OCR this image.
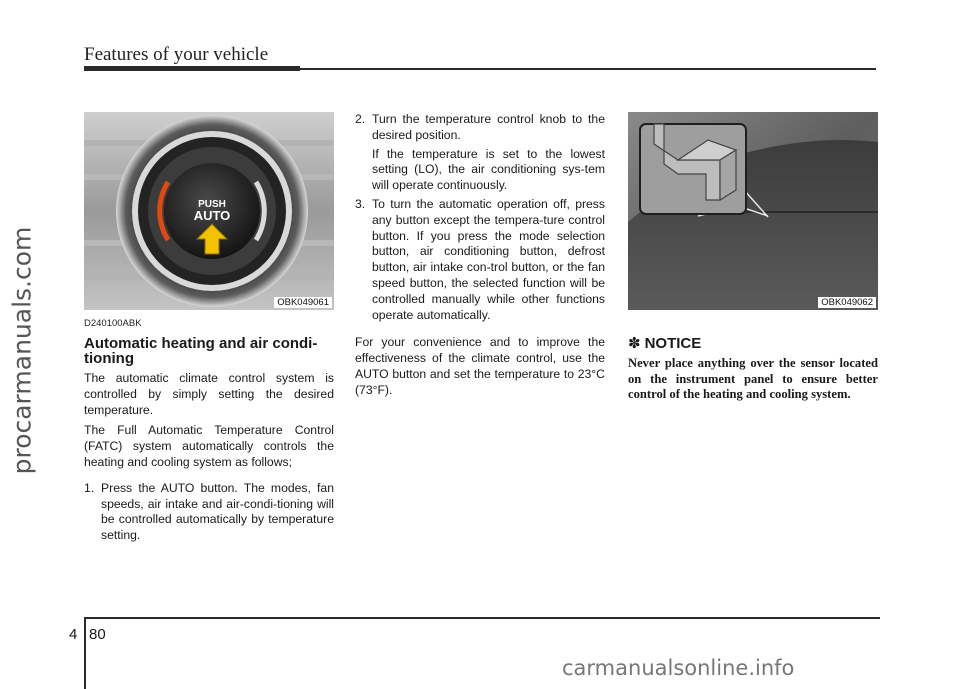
procarmanuals.com
Features of your vehicle
PUSH
AUTO
OBK049061
D240100ABK
Automatic heating and air condi-tioning

The automatic climate control system is controlled by simply setting the desired temperature.

The Full Automatic Temperature Control (FATC) system automatically controls the heating and cooling system as follows;

1. Press the AUTO button. The modes, fan speeds, air intake and air-condi-tioning will be controlled automatically by temperature setting.
2. Turn the temperature control knob to the desired position.
If the temperature is set to the lowest setting (LO), the air conditioning sys-tem will operate continuously.
3. To turn the automatic operation off, press any button except the tempera-ture control button. If you press the mode selection button, air conditioning button, defrost button, air intake con-trol button, or the fan speed button, the selected function will be controlled manually while other functions operate automatically.

For your convenience and to improve the effectiveness of the climate control, use the AUTO button and set the temperature to 23°C (73°F).

OBK049062
✽ NOTICE
Never place anything over the sensor located on the instrument panel to ensure better control of the heating and cooling system.
4 80
carmanualsonline.info
